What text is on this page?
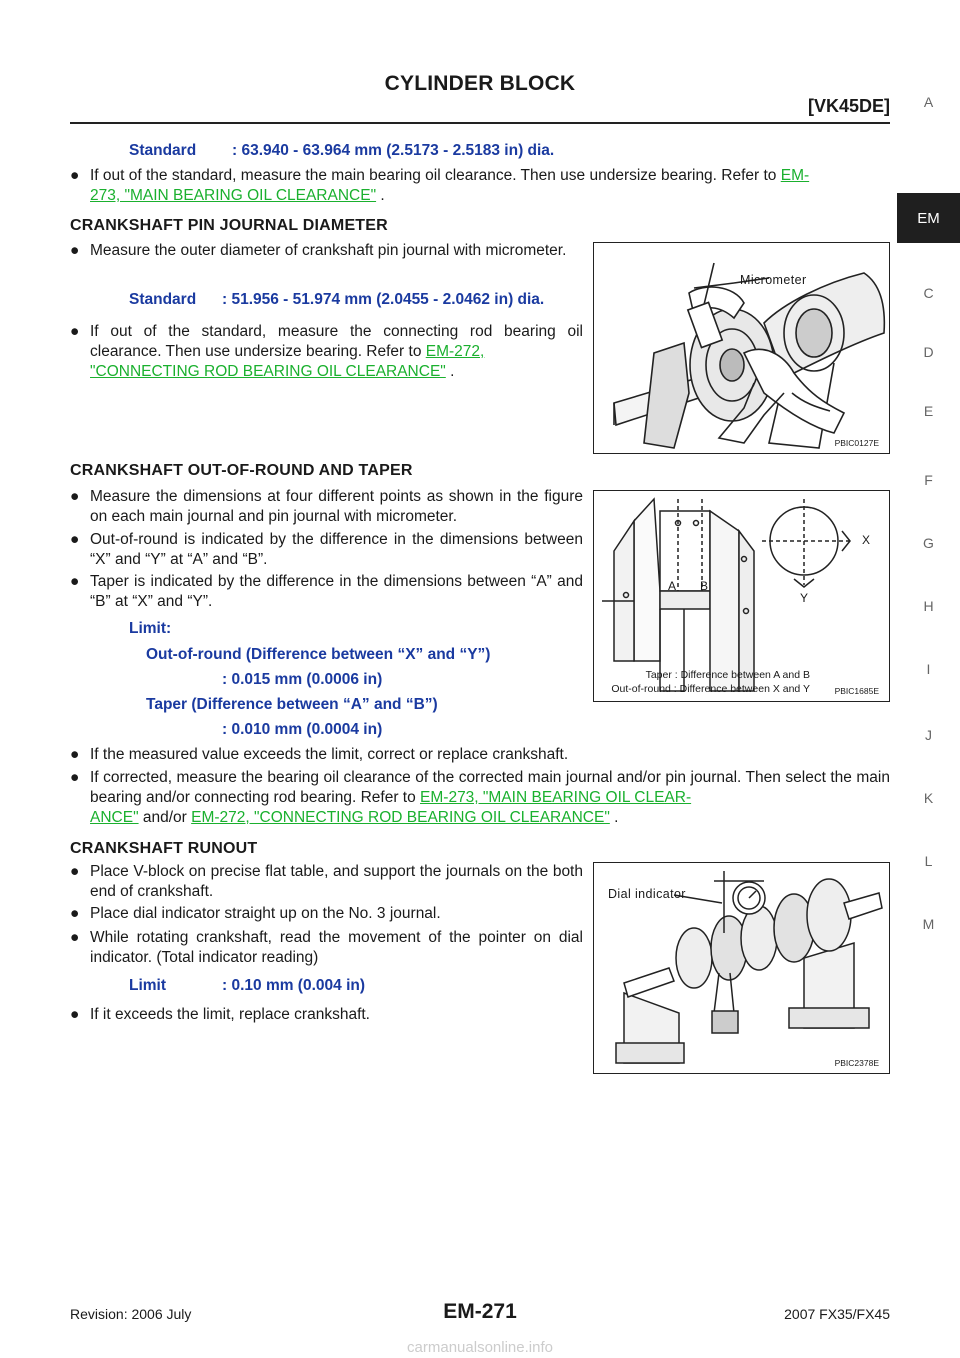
CYLINDER BLOCK
[VK45DE]	A
EM
C
D
E
F
G
H
I
J
K
L
M
Standard : 63.940 - 63.964 mm (2.5173 - 2.5183 in) dia.
● If out of the standard, measure the main bearing oil clearance. Then use undersize bearing. Refer to EM-
273, "MAIN BEARING OIL CLEARANCE" .
CRANKSHAFT PIN JOURNAL DIAMETER
● Measure the outer diameter of crankshaft pin journal with micrometer.
Standard : 51.956 - 51.974 mm (2.0455 - 2.0462 in) dia.
● If out of the standard, measure the connecting rod bearing oil clearance. Then use undersize bearing. Refer to EM-272,
"CONNECTING ROD BEARING OIL CLEARANCE" .
Micrometer
PBIC0127E
CRANKSHAFT OUT-OF-ROUND AND TAPER
● Measure the dimensions at four different points as shown in the figure on each main journal and pin journal with micrometer.
● Out-of-round is indicated by the difference in the dimensions between “X” and “Y” at “A” and “B”.
● Taper is indicated by the difference in the dimensions between “A” and “B” at “X” and “Y”.
Limit:
Out-of-round (Difference between “X” and “Y”)
: 0.015 mm (0.0006 in)
Taper (Difference between “A” and “B”)
: 0.010 mm (0.0004 in)
A B
X
Y
Taper : Difference between A and B
Out-of-round : Difference between X and Y	PBIC1685E
● If the measured value exceeds the limit, correct or replace crankshaft.
● If corrected, measure the bearing oil clearance of the corrected main journal and/or pin journal. Then select the main bearing and/or connecting rod bearing. Refer to EM-273, "MAIN BEARING OIL CLEAR-
ANCE" and/or EM-272, "CONNECTING ROD BEARING OIL CLEARANCE" .
CRANKSHAFT RUNOUT
● Place V-block on precise flat table, and support the journals on the both end of crankshaft.
● Place dial indicator straight up on the No. 3 journal.
● While rotating crankshaft, read the movement of the pointer on dial indicator. (Total indicator reading)
Limit	: 0.10 mm (0.004 in)
● If it exceeds the limit, replace crankshaft.
Dial indicator
PBIC2378E
Revision: 2006 July	EM-271	2007 FX35/FX45
carmanualsonline.info
